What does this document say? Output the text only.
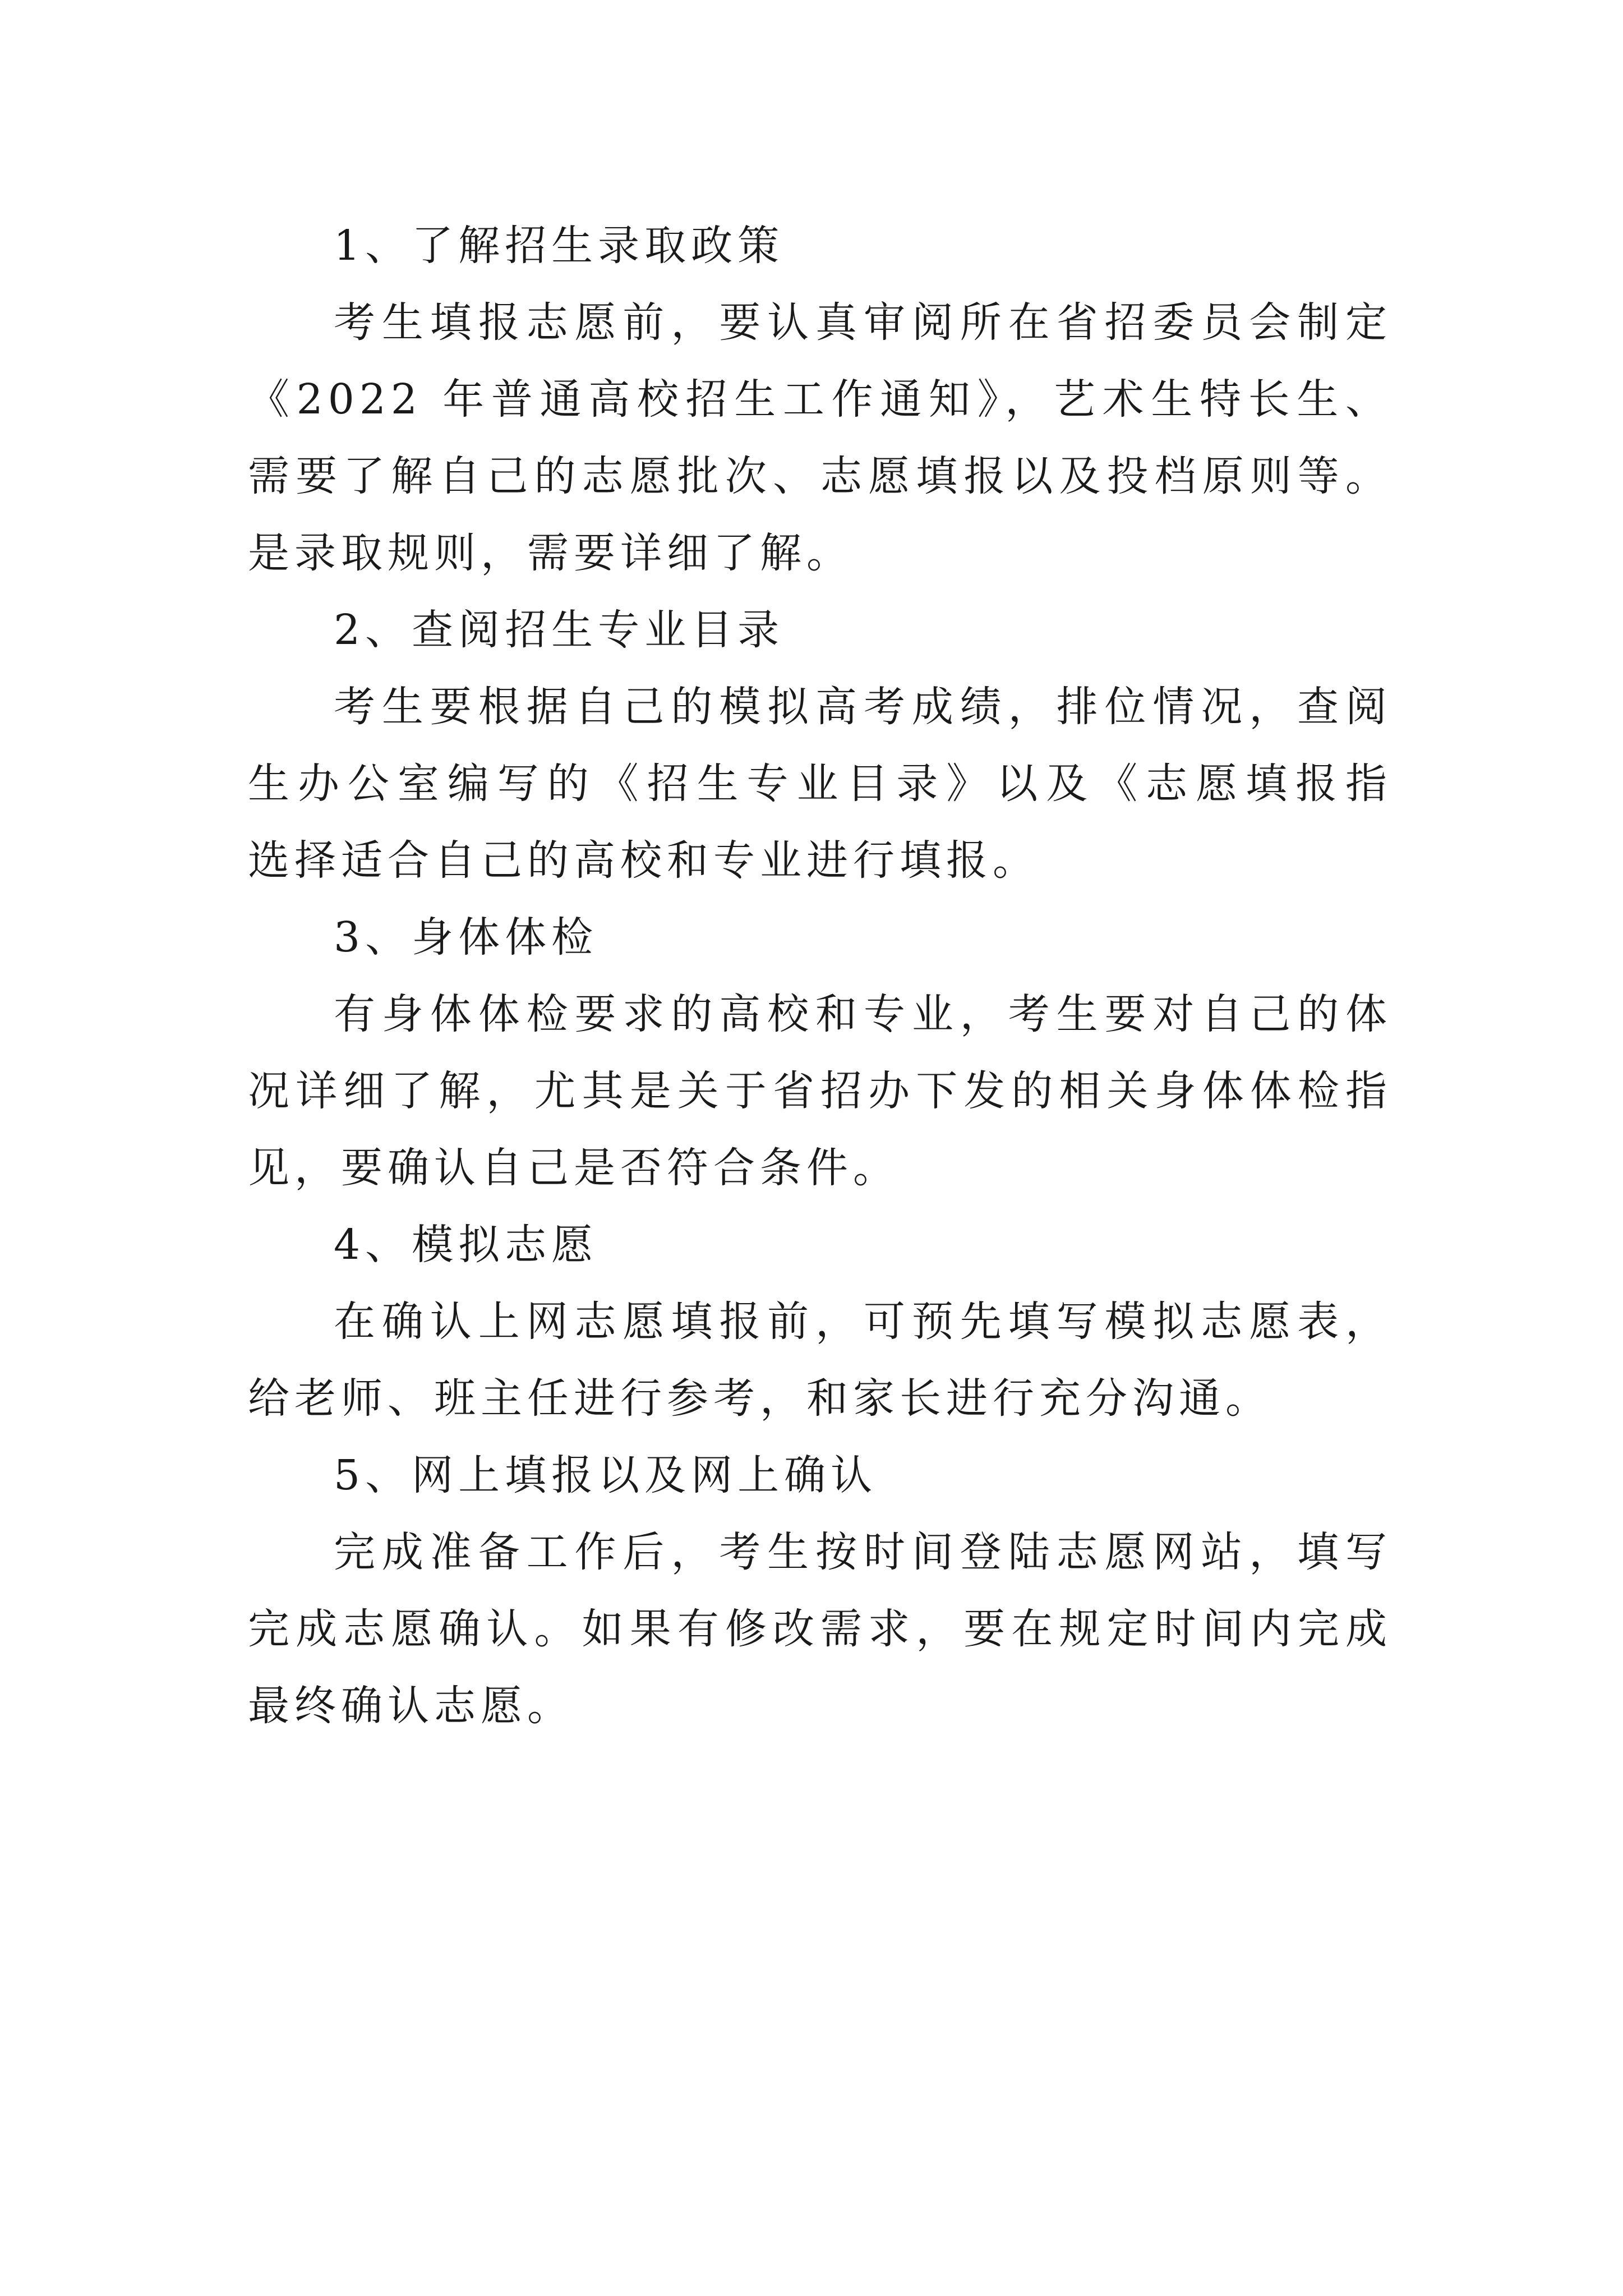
1、了解招生录取政策
考生填报志愿前，要认真审阅所在省招委员会制定
《2022 年普通高校招生工作通知》，艺术生特长生、
需要了解自己的志愿批次、志愿填报以及投档原则等。
是录取规则，需要详细了解。
2、查阅招生专业目录
考生要根据自己的模拟高考成绩，排位情况，查阅
生办公室编写的《招生专业目录》以及《志愿填报指
选择适合自己的高校和专业进行填报。
3、身体体检
有身体体检要求的高校和专业，考生要对自己的体
况详细了解，尤其是关于省招办下发的相关身体体检指
见，要确认自己是否符合条件。
4、模拟志愿
在确认上网志愿填报前，可预先填写模拟志愿表，
给老师、班主任进行参考，和家长进行充分沟通。
5、网上填报以及网上确认
完成准备工作后，考生按时间登陆志愿网站，填写
完成志愿确认。如果有修改需求，要在规定时间内完成
最终确认志愿。
